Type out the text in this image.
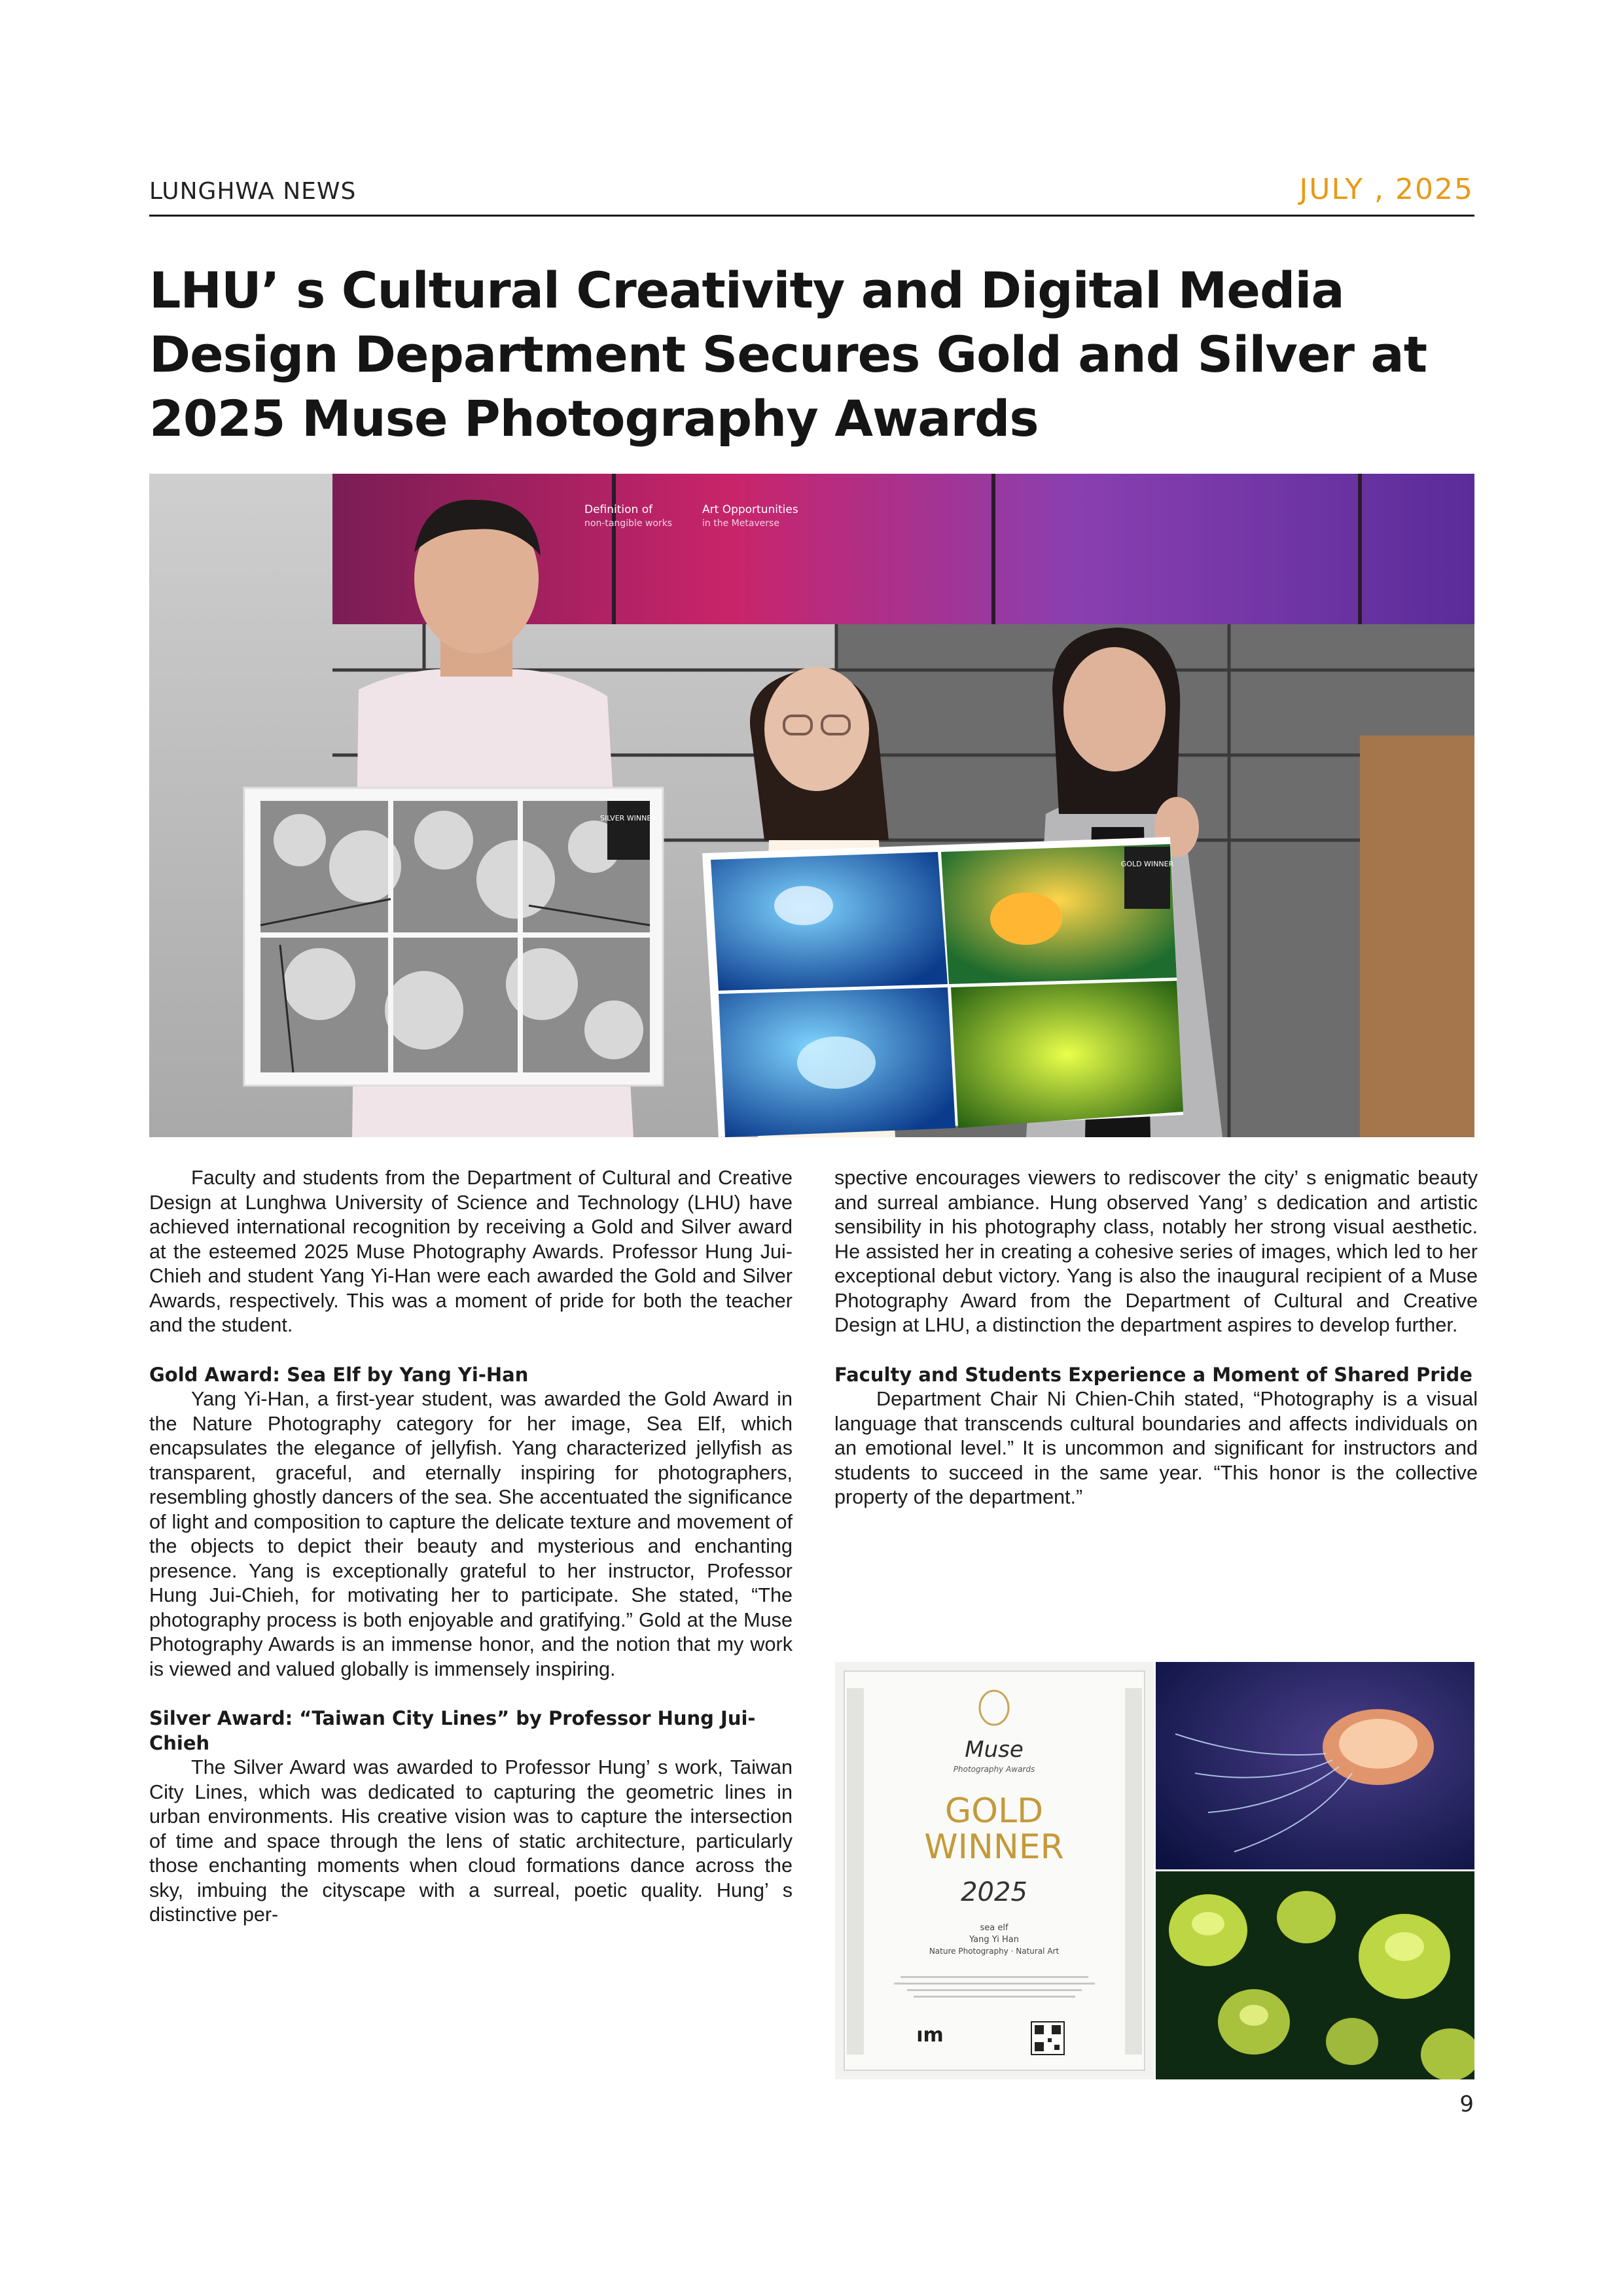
LUNGHWA NEWS	JULY , 2025
LHU’ s Cultural Creativity and Digital Media Design Department Secures Gold and Silver at 2025 Muse Photography Awards
Definition of
non-tangible works
Art Opportunities
in the Metaverse
SILVER WINNER
GOLD WINNER

Faculty and students from the Department of Cultural and Creative Design at Lunghwa University of Science and Technology (LHU) have achieved international recognition by receiving a Gold and Silver award at the esteemed 2025 Muse Photography Awards. Professor Hung Jui-Chieh and student Yang Yi-Han were each awarded the Gold and Silver Awards, respectively. This was a moment of pride for both the teacher and the student.

Gold Award: Sea Elf by Yang Yi-Han

Yang Yi-Han, a first-year student, was awarded the Gold Award in the Nature Photography category for her image, Sea Elf, which encapsulates the elegance of jellyfish. Yang characterized jellyfish as transparent, graceful, and eternally inspiring for photographers, resembling ghostly dancers of the sea. She accentuated the significance of light and composition to capture the delicate texture and movement of the objects to depict their beauty and mysterious and enchanting presence. Yang is exceptionally grateful to her instructor, Professor Hung Jui-Chieh, for motivating her to participate. She stated, “The photography process is both enjoyable and gratifying.” Gold at the Muse Photography Awards is an immense honor, and the notion that my work is viewed and valued globally is immensely inspiring.

Silver Award: “Taiwan City Lines” by Professor Hung Jui-Chieh

The Silver Award was awarded to Professor Hung’ s work, Taiwan City Lines, which was dedicated to capturing the geometric lines in urban environments. His creative vision was to capture the intersection of time and space through the lens of static architecture, particularly those enchanting moments when cloud formations dance across the sky, imbuing the cityscape with a surreal, poetic quality. Hung’ s distinctive per-

spective encourages viewers to rediscover the city’ s enigmatic beauty and surreal ambiance. Hung observed Yang’ s dedication and artistic sensibility in his photography class, notably her strong visual aesthetic. He assisted her in creating a cohesive series of images, which led to her exceptional debut victory. Yang is also the inaugural recipient of a Muse Photography Award from the Department of Cultural and Creative Design at LHU, a distinction the department aspires to develop further.

Faculty and Students Experience a Moment of Shared Pride

Department Chair Ni Chien-Chih stated, “Photography is a visual language that transcends cultural boundaries and affects individuals on an emotional level.” It is uncommon and significant for instructors and students to succeed in the same year. “This honor is the collective property of the department.”

Muse
Photography Awards
GOLD
WINNER
2025
sea elf
Yang Yi Han
Nature Photography · Natural Art
ım
9
